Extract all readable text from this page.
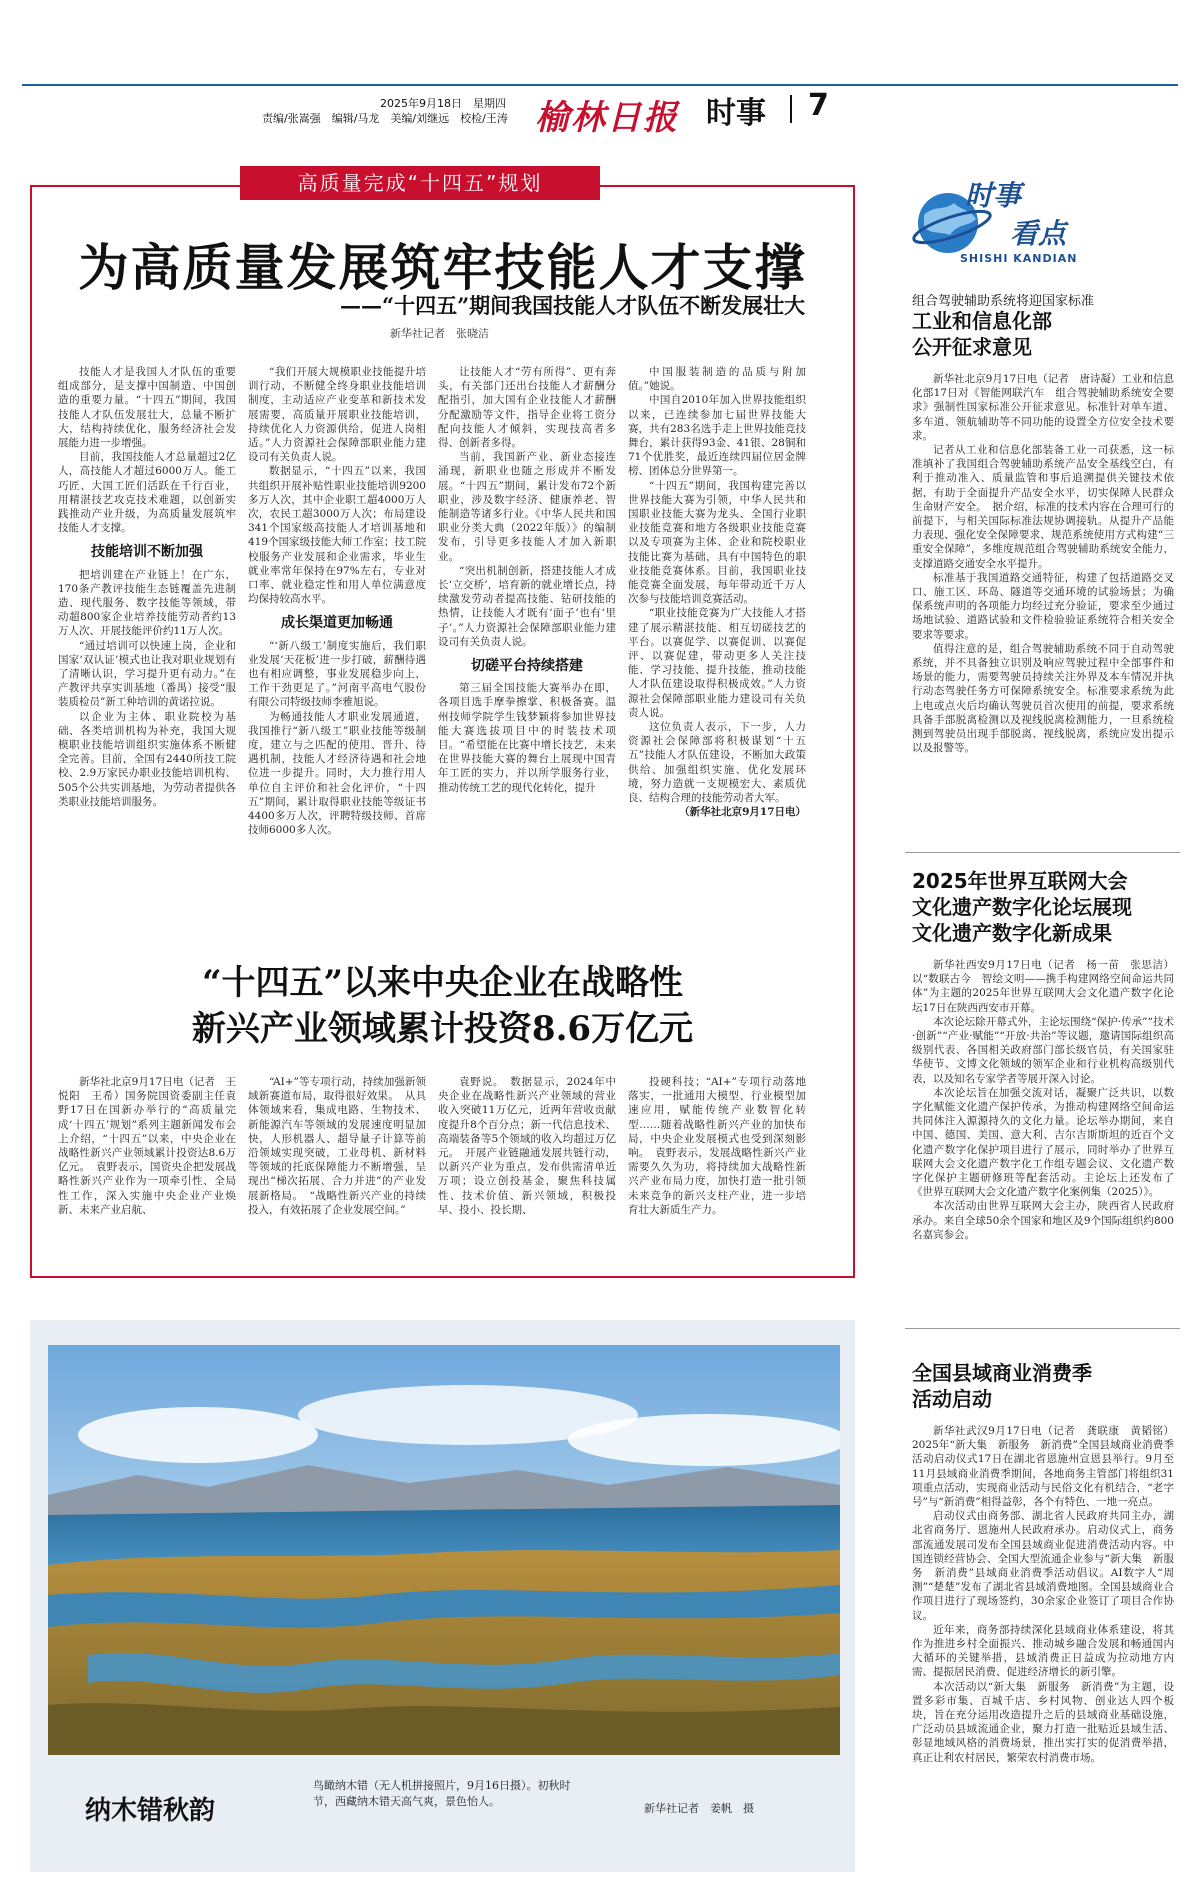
2025年9月18日　星期四
责编/张嵩强　编辑/马龙　美编/刘继远　校检/王涛 榆林日报 时事 7
高质量完成“十四五”规划
为高质量发展筑牢技能人才支撑
——“十四五”期间我国技能人才队伍不断发展壮大
新华社记者　张晓洁

技能人才是我国人才队伍的重要组成部分，是支撑中国制造、中国创造的重要力量。“十四五”期间，我国技能人才队伍发展壮大，总量不断扩大，结构持续优化，服务经济社会发展能力进一步增强。

目前，我国技能人才总量超过2亿人，高技能人才超过6000万人。能工巧匠、大国工匠们活跃在千行百业，用精湛技艺攻克技术难题，以创新实践推动产业升级，为高质量发展筑牢技能人才支撑。

技能培训不断加强

把培训建在产业链上！在广东，170条产教评技能生态链覆盖先进制造、现代服务、数字技能等领域，带动超800家企业培养技能劳动者约13万人次、开展技能评价约11万人次。

“通过培训可以快速上岗，企业和国家‘双认证’模式也让我对职业规划有了清晰认识，学习提升更有动力。”在产教评共享实训基地（番禺）接受“服装质检员”新工种培训的黄诺拉说。

以企业为主体、职业院校为基础、各类培训机构为补充，我国大规模职业技能培训组织实施体系不断健全完善。目前，全国有2440所技工院校、2.9万家民办职业技能培训机构、505个公共实训基地，为劳动者提供各类职业技能培训服务。

“我们开展大规模职业技能提升培训行动，不断健全终身职业技能培训制度，主动适应产业变革和新技术发展需要，高质量开展职业技能培训，持续优化人力资源供给，促进人岗相适。”人力资源社会保障部职业能力建设司有关负责人说。

数据显示，“十四五”以来，我国共组织开展补贴性职业技能培训9200多万人次，其中企业职工超4000万人次，农民工超3000万人次；布局建设341个国家级高技能人才培训基地和419个国家级技能大师工作室；技工院校服务产业发展和企业需求，毕业生就业率常年保持在97%左右，专业对口率、就业稳定性和用人单位满意度均保持较高水平。

成长渠道更加畅通

“‘新八级工’制度实施后，我们职业发展‘天花板’进一步打破，薪酬待遇也有相应调整，事业发展稳步向上，工作干劲更足了。”河南平高电气股份有限公司特级技师李雅旭说。

为畅通技能人才职业发展通道，我国推行“新八级工”职业技能等级制度，建立与之匹配的使用、晋升、待遇机制，技能人才经济待遇和社会地位进一步提升。同时，大力推行用人单位自主评价和社会化评价，“十四五”期间，累计取得职业技能等级证书4400多万人次，评聘特级技师、首席技师6000多人次。

让技能人才“劳有所得”、更有奔头，有关部门还出台技能人才薪酬分配指引，加大国有企业技能人才薪酬分配激励等文件，指导企业将工资分配向技能人才倾斜，实现技高者多得、创新者多得。

当前，我国新产业、新业态接连涌现，新职业也随之形成并不断发展。“十四五”期间，累计发布72个新职业，涉及数字经济、健康养老、智能制造等诸多行业。《中华人民共和国职业分类大典（2022年版）》的编制发布，引导更多技能人才加入新职业。

“突出机制创新，搭建技能人才成长‘立交桥’，培育新的就业增长点，持续激发劳动者提高技能、钻研技能的热情，让技能人才既有‘面子’也有‘里子’。”人力资源社会保障部职业能力建设司有关负责人说。

切磋平台持续搭建

第三届全国技能大赛举办在即，各项目选手摩拳擦掌、积极备赛。温州技师学院学生钱梦颖将参加世界技能大赛选拔项目中的时装技术项目。“希望能在比赛中增长技艺，未来在世界技能大赛的舞台上展现中国青年工匠的实力，并以所学服务行业，推动传统工艺的现代化转化，提升

中国服装制造的品质与附加值。”她说。

中国自2010年加入世界技能组织以来，已连续参加七届世界技能大赛，共有283名选手走上世界技能竞技舞台，累计获得93金、41银、28铜和71个优胜奖，最近连续四届位居金牌榜、团体总分世界第一。

“十四五”期间，我国构建完善以世界技能大赛为引领，中华人民共和国职业技能大赛为龙头、全国行业职业技能竞赛和地方各级职业技能竞赛以及专项赛为主体、企业和院校职业技能比赛为基础，具有中国特色的职业技能竞赛体系。目前，我国职业技能竞赛全面发展，每年带动近千万人次参与技能培训竞赛活动。

“职业技能竞赛为广大技能人才搭建了展示精湛技能、相互切磋技艺的平台。以赛促学、以赛促训、以赛促评、以赛促建，带动更多人关注技能、学习技能、提升技能，推动技能人才队伍建设取得积极成效。”人力资源社会保障部职业能力建设司有关负责人说。

这位负责人表示，下一步，人力资源社会保障部将积极谋划“十五五”技能人才队伍建设，不断加大政策供给、加强组织实施、优化发展环境，努力造就一支规模宏大、素质优良、结构合理的技能劳动者大军。

（新华社北京9月17日电）

“十四五”以来中央企业在战略性
新兴产业领域累计投资8.6万亿元

新华社北京9月17日电（记者　王悦阳　王希）国务院国资委副主任袁野17日在国新办举行的“高质量完成‘十四五’规划”系列主题新闻发布会上介绍，“十四五”以来，中央企业在战略性新兴产业领域累计投资达8.6万亿元。　袁野表示，国资央企把发展战略性新兴产业作为一项牵引性、全局性工作，深入实施中央企业产业焕新、未来产业启航、

“AI+”等专项行动，持续加强新领域新赛道布局，取得很好效果。　从具体领域来看，集成电路、生物技术、新能源汽车等领域的发展速度明显加快，人形机器人、超导量子计算等前沿领域实现突破，工业母机、新材料等领域的托底保障能力不断增强，呈现出“梯次拓展、合力并进”的产业发展新格局。　“战略性新兴产业的持续投入，有效拓展了企业发展空间。”

袁野说。　数据显示，2024年中央企业在战略性新兴产业领域的营业收入突破11万亿元，近两年营收贡献度提升8个百分点；新一代信息技术、高端装备等5个领域的收入均超过万亿元。　开展产业链融通发展共链行动，以新兴产业为重点，发布供需清单近万项；设立创投基金，聚焦科技属性、技术价值、新兴领域，积极投早、投小、投长期、

投硬科技；“AI+”专项行动落地落实，一批通用大模型、行业模型加速应用，赋能传统产业数智化转型……随着战略性新兴产业的加快布局，中央企业发展模式也受到深刻影响。　袁野表示，发展战略性新兴产业需要久久为功，将持续加大战略性新兴产业布局力度，加快打造一批引领未来竞争的新兴支柱产业，进一步培育壮大新质生产力。

纳木错秋韵
鸟瞰纳木错（无人机拼接照片，9月16日摄）。初秋时节，西藏纳木错天高气爽，景色怡人。
新华社记者　姜帆　摄
时事
看点
SHISHI KANDIAN
组合驾驶辅助系统将迎国家标准
工业和信息化部
公开征求意见

新华社北京9月17日电（记者　唐诗凝）工业和信息化部17日对《智能网联汽车　组合驾驶辅助系统安全要求》强制性国家标准公开征求意见。标准针对单车道、多车道、领航辅助等不同功能的设置全方位安全技术要求。

记者从工业和信息化部装备工业一司获悉，这一标准填补了我国组合驾驶辅助系统产品安全基线空白，有利于推动准入、质量监管和事后追溯提供关键技术依据，有助于全面提升产品安全水平，切实保障人民群众生命财产安全。　据介绍，标准的技术内容在合理可行的前提下，与相关国际标准法规协调接轨。从提升产品能力表现、强化安全保障要求、规范系统使用方式构建“三重安全保障”，多维度规范组合驾驶辅助系统安全能力，支撑道路交通安全水平提升。

标准基于我国道路交通特征，构建了包括道路交叉口、施工区、环岛、隧道等交通环境的试验场景；为确保系统声明的各项能力均经过充分验证，要求至少通过场地试验、道路试验和文件检验验证系统符合相关安全要求等要求。

值得注意的是，组合驾驶辅助系统不同于自动驾驶系统，并不具备独立识别及响应驾驶过程中全部事件和场景的能力，需要驾驶员持续关注外界及本车情况并执行动态驾驶任务方可保障系统安全。标准要求系统为此上电或点火后均确认驾驶员首次使用的前提，要求系统具备手部脱离检测以及视线脱离检测能力，一旦系统检测到驾驶员出现手部脱离、视线脱离，系统应发出提示以及报警等。

2025年世界互联网大会
文化遗产数字化论坛展现
文化遗产数字化新成果

新华社西安9月17日电（记者　杨一苗　张思洁）以“数联古今　智绘文明——携手构建网络空间命运共同体”为主题的2025年世界互联网大会文化遗产数字化论坛17日在陕西西安市开幕。

本次论坛除开幕式外，主论坛围绕“保护·传承”“技术·创新”“产业·赋能”“开放·共治”等议题，邀请国际组织高级别代表、各国相关政府部门部长级官员，有关国家驻华使节、文博文化领域的领军企业和行业机构高级别代表，以及知名专家学者等展开深入讨论。

本次论坛旨在加强交流对话，凝聚广泛共识，以数字化赋能文化遗产保护传承，为推动构建网络空间命运共同体注入源源持久的文化力量。论坛举办期间，来自中国、德国、美国、意大利、吉尔吉斯斯坦的近百个文化遗产数字化保护项目进行了展示，同时举办了世界互联网大会文化遗产数字化工作组专题会议、文化遗产数字化保护主题研修班等配套活动。主论坛上还发布了《世界互联网大会文化遗产数字化案例集（2025）》。

本次活动由世界互联网大会主办，陕西省人民政府承办。来自全球50余个国家和地区及9个国际组织约800名嘉宾参会。

全国县域商业消费季
活动启动

新华社武汉9月17日电（记者　龚联康　黄韬铭）2025年“新大集　新服务　新消费”全国县域商业消费季活动启动仪式17日在湖北省恩施州宣恩县举行。9月至11月县域商业消费季期间，各地商务主管部门将组织31项重点活动，实现商业活动与民俗文化有机结合，“老字号”与“新消费”相得益彰，各个有特色、一地一亮点。

启动仪式由商务部、湖北省人民政府共同主办，湖北省商务厅、恩施州人民政府承办。启动仪式上，商务部流通发展司发布全国县域商业促进消费活动内容。中国连锁经营协会、全国大型流通企业参与“新大集　新服务　新消费”县域商业消费季活动倡议。AI数字人“周测”“楚楚”发布了湖北省县域消费地图。全国县域商业合作项目进行了现场签约，30余家企业签订了项目合作协议。

近年来，商务部持续深化县域商业体系建设，将其作为推进乡村全面振兴、推动城乡融合发展和畅通国内大循环的关键举措，县域消费正日益成为拉动地方内需、提振居民消费、促进经济增长的新引擎。

本次活动以“新大集　新服务　新消费”为主题，设置多彩市集、百城千店、乡村风物、创业达人四个板块，旨在充分运用改造提升之后的县域商业基础设施，广泛动员县域流通企业，聚力打造一批贴近县域生活、彰显地域风格的消费场景，推出实打实的促消费举措，真正让利农村居民，繁荣农村消费市场。
